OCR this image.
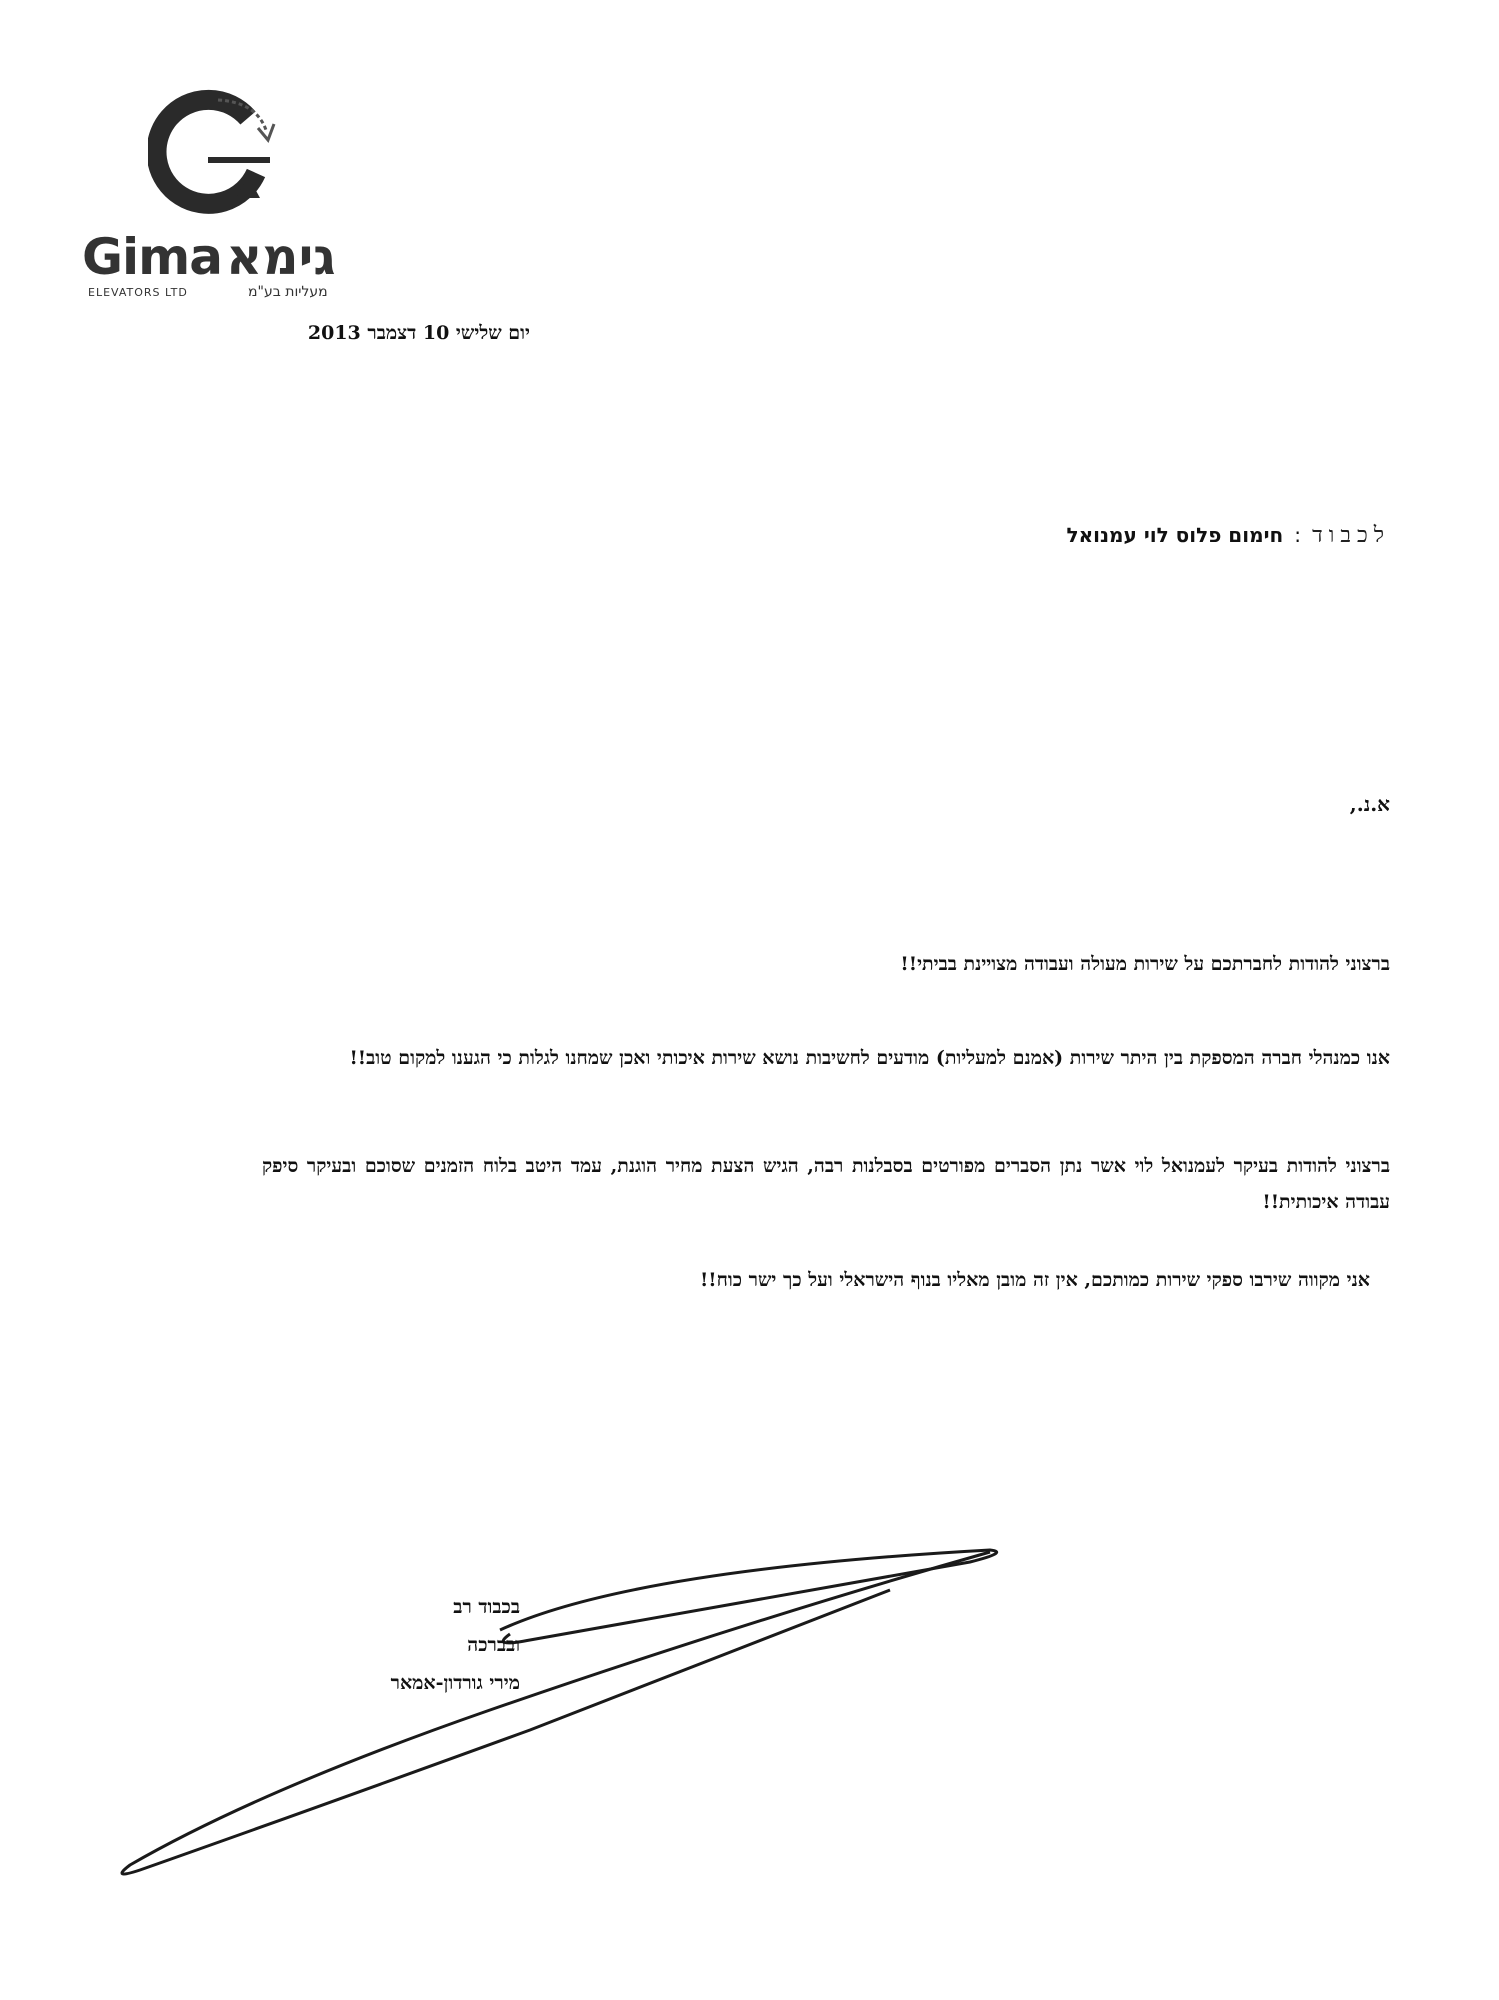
Gima גימא
ELEVATORS LTD	מעליות בע"מ
יום שלישי 10 דצמבר 2013
לכבוד : חימום פלוס לוי עמנואל
א.נ.,
ברצוני להודות לחברתכם על שירות מעולה ועבודה מצויינת בביתי!!
אנו כמנהלי חברה המספקת בין היתר שירות (אמנם למעליות) מודעים לחשיבות נושא שירות איכותי ואכן שמחנו לגלות כי הגענו למקום טוב!!
ברצוני להודות בעיקר לעמנואל לוי אשר נתן הסברים מפורטים בסבלנות רבה, הגיש הצעת מחיר הוגנת, עמד היטב בלוח הזמנים שסוכם ובעיקר סיפק עבודה איכותית!!
אני מקווה שירבו ספקי שירות כמותכם, אין זה מובן מאליו בנוף הישראלי ועל כך ישר כוח!!
בכבוד רב
ובברכה
מירי גורדון-אמאר
